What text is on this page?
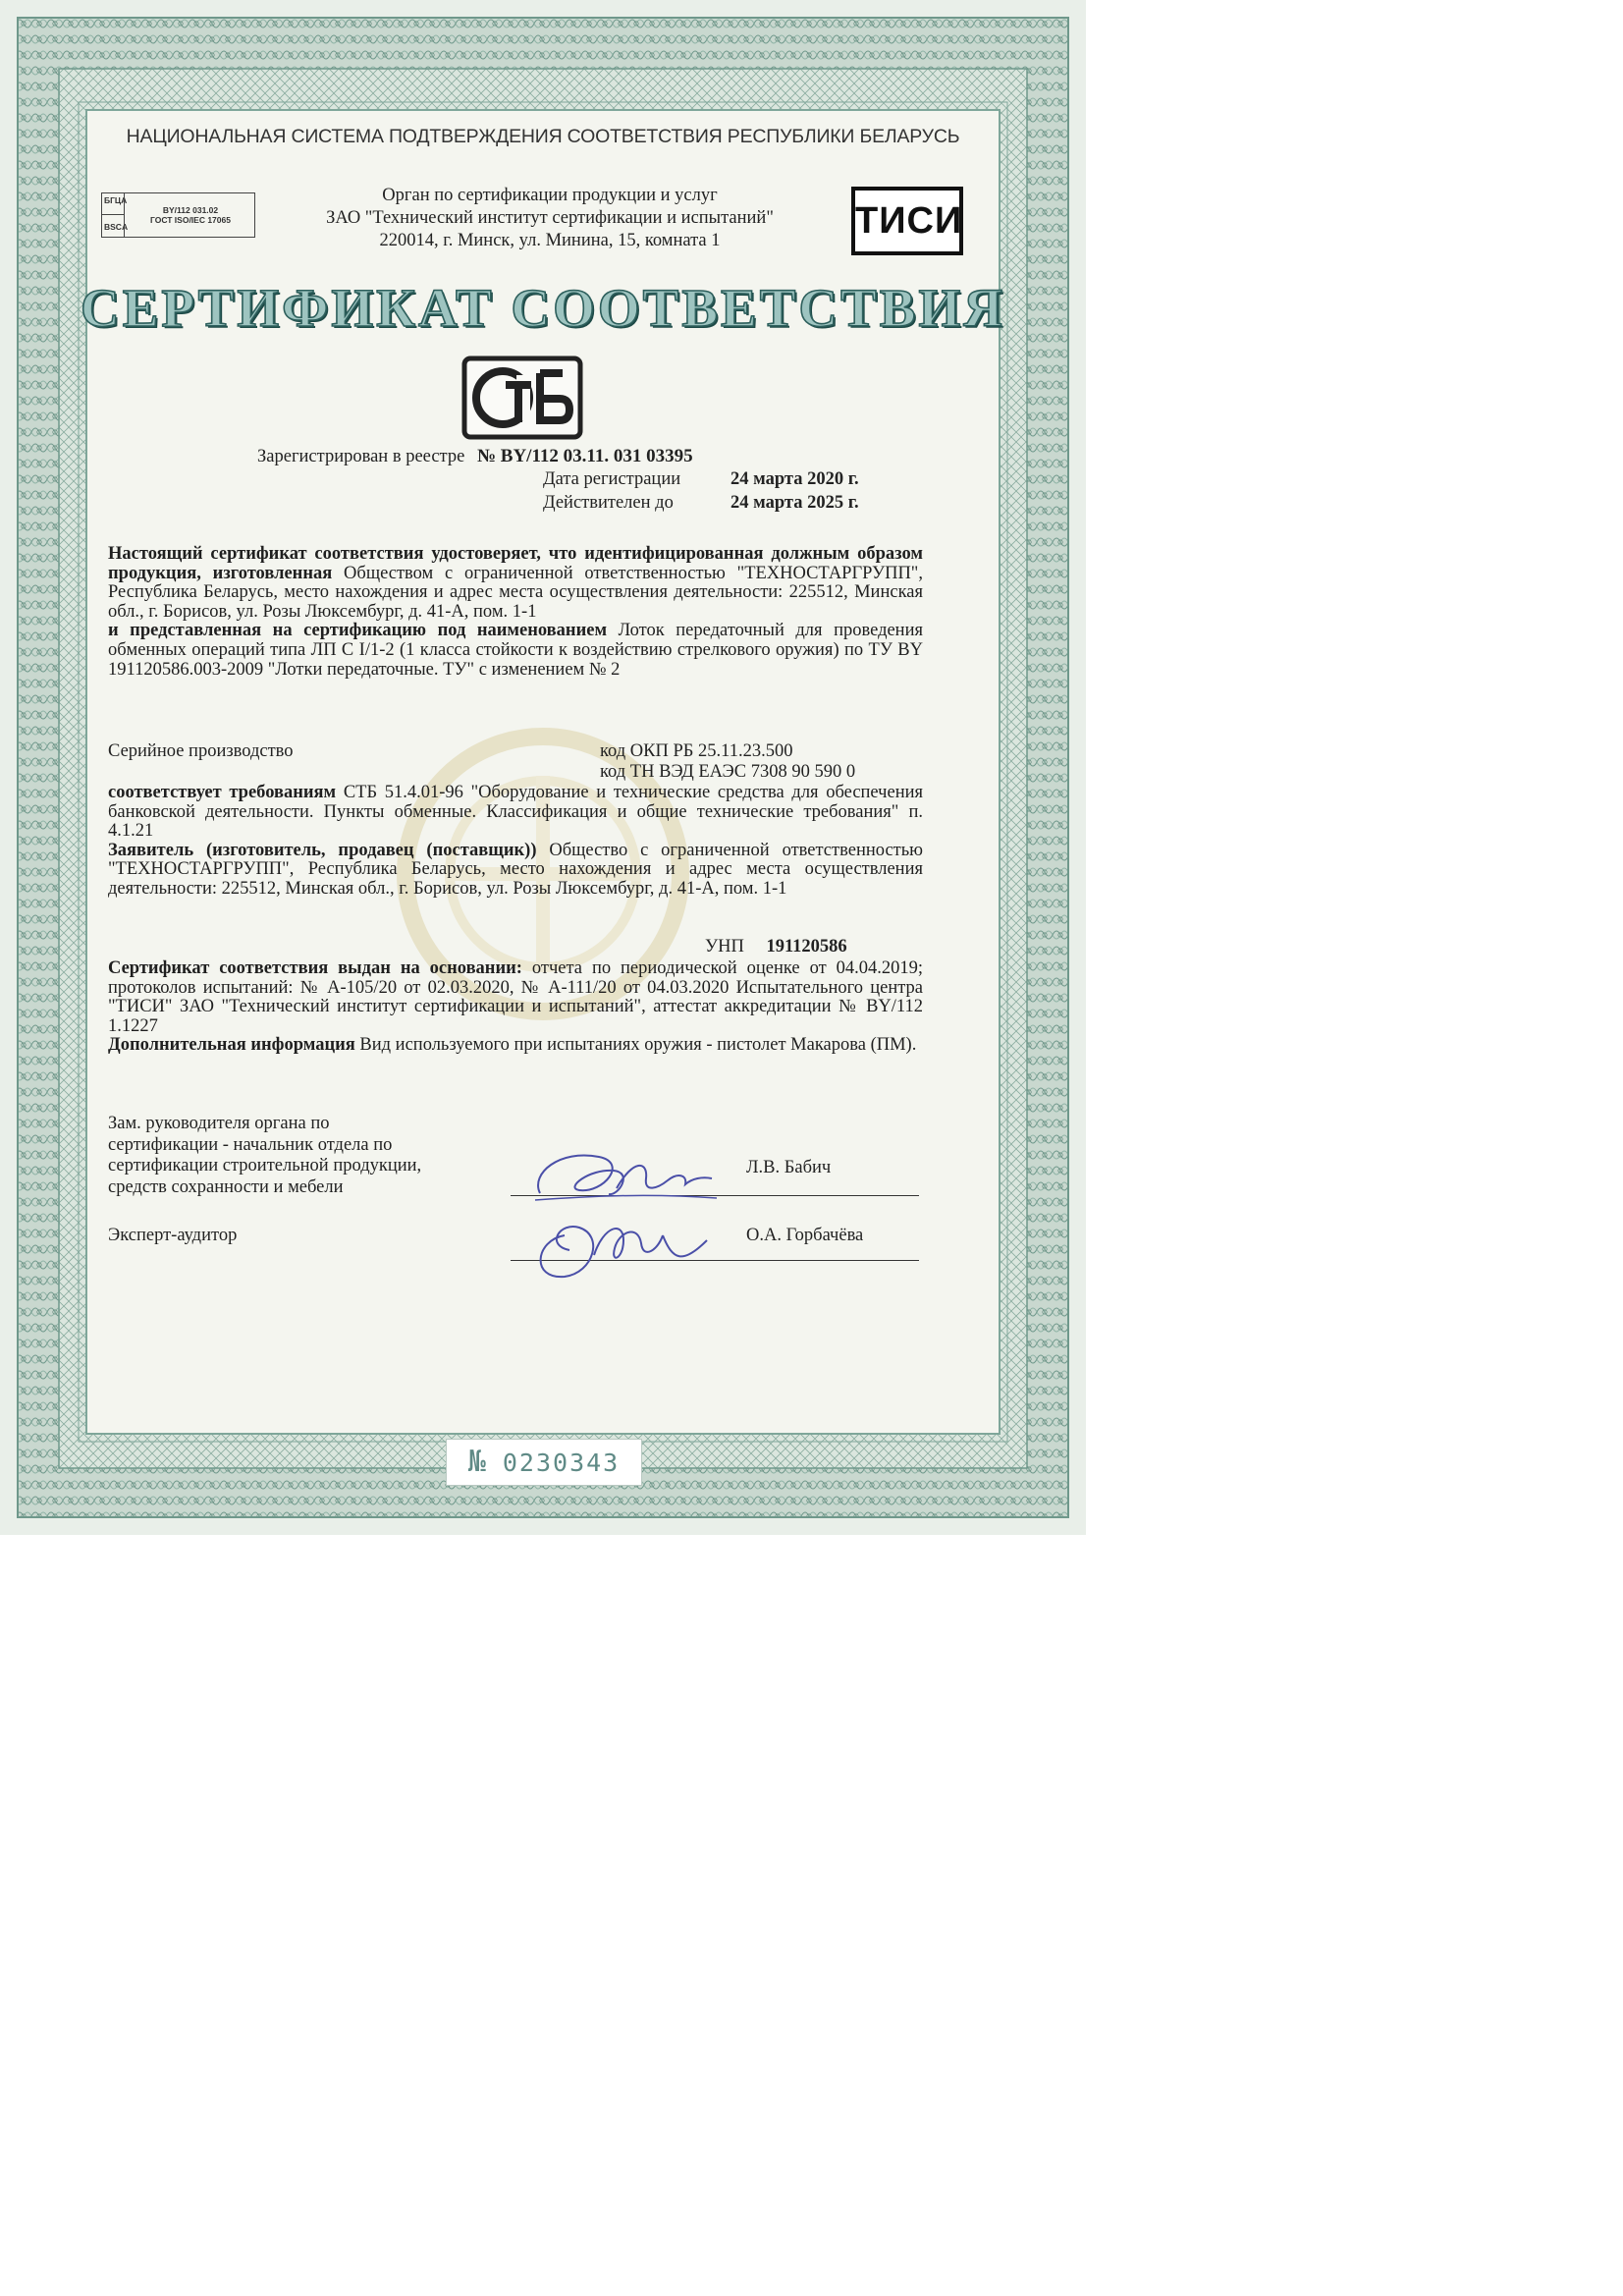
НАЦИОНАЛЬНАЯ СИСТЕМА ПОДТВЕРЖДЕНИЯ СООТВЕТСТВИЯ РЕСПУБЛИКИ БЕЛАРУСЬ
БГЦА
BSCA
BY/112 031.02
ГОСТ ISO/IEC 17065
Орган по сертификации продукции и услуг
ЗАО "Технический институт сертификации и испытаний"
220014, г. Минск, ул. Минина, 15, комната 1	ТИСИ
СЕРТИФИКАТ СООТВЕТСТВИЯ
Зарегистрирован в реестре № BY/112 03.11. 031 03395
Дата регистрации	24 марта 2020 г.
Действителен до	24 марта 2025 г.

Настоящий сертификат соответствия удостоверяет, что идентифицированная должным образом продукция, изготовленная Обществом с ограниченной ответственностью "ТЕХНОСТАРГРУПП", Республика Беларусь, место нахождения и адрес места осуществления деятельности: 225512, Минская обл., г. Борисов, ул. Розы Люксембург, д. 41-А, пом. 1-1

и представленная на сертификацию под наименованием Лоток передаточный для проведения обменных операций типа ЛП С I/1-2 (1 класса стойкости к воздействию стрелкового оружия) по ТУ BY 191120586.003-2009 "Лотки передаточные. ТУ" с изменением № 2

Серийное производство	код ОКП РБ 25.11.23.500
код ТН ВЭД ЕАЭС 7308 90 590 0

соответствует требованиям СТБ 51.4.01-96 "Оборудование и технические средства для обеспечения банковской деятельности. Пункты обменные. Классификация и общие технические требования" п. 4.1.21

Заявитель (изготовитель, продавец (поставщик)) Общество с ограниченной ответственностью "ТЕХНОСТАРГРУПП", Республика Беларусь, место нахождения и адрес места осуществления деятельности: 225512, Минская обл., г. Борисов, ул. Розы Люксембург, д. 41-А, пом. 1-1

УНП 191120586

Сертификат соответствия выдан на основании: отчета по периодической оценке от 04.04.2019; протоколов испытаний: № А-105/20 от 02.03.2020, № А-111/20 от 04.03.2020 Испытательного центра "ТИСИ" ЗАО "Технический институт сертификации и испытаний", аттестат аккредитации № BY/112 1.1227

Дополнительная информация Вид используемого при испытаниях оружия - пистолет Макарова (ПМ).

Зам. руководителя органа по
сертификации - начальник отдела по
сертификации строительной продукции,
средств сохранности и мебели
Л.В. Бабич
Эксперт-аудитор	О.А. Горбачёва
№ 0230343
